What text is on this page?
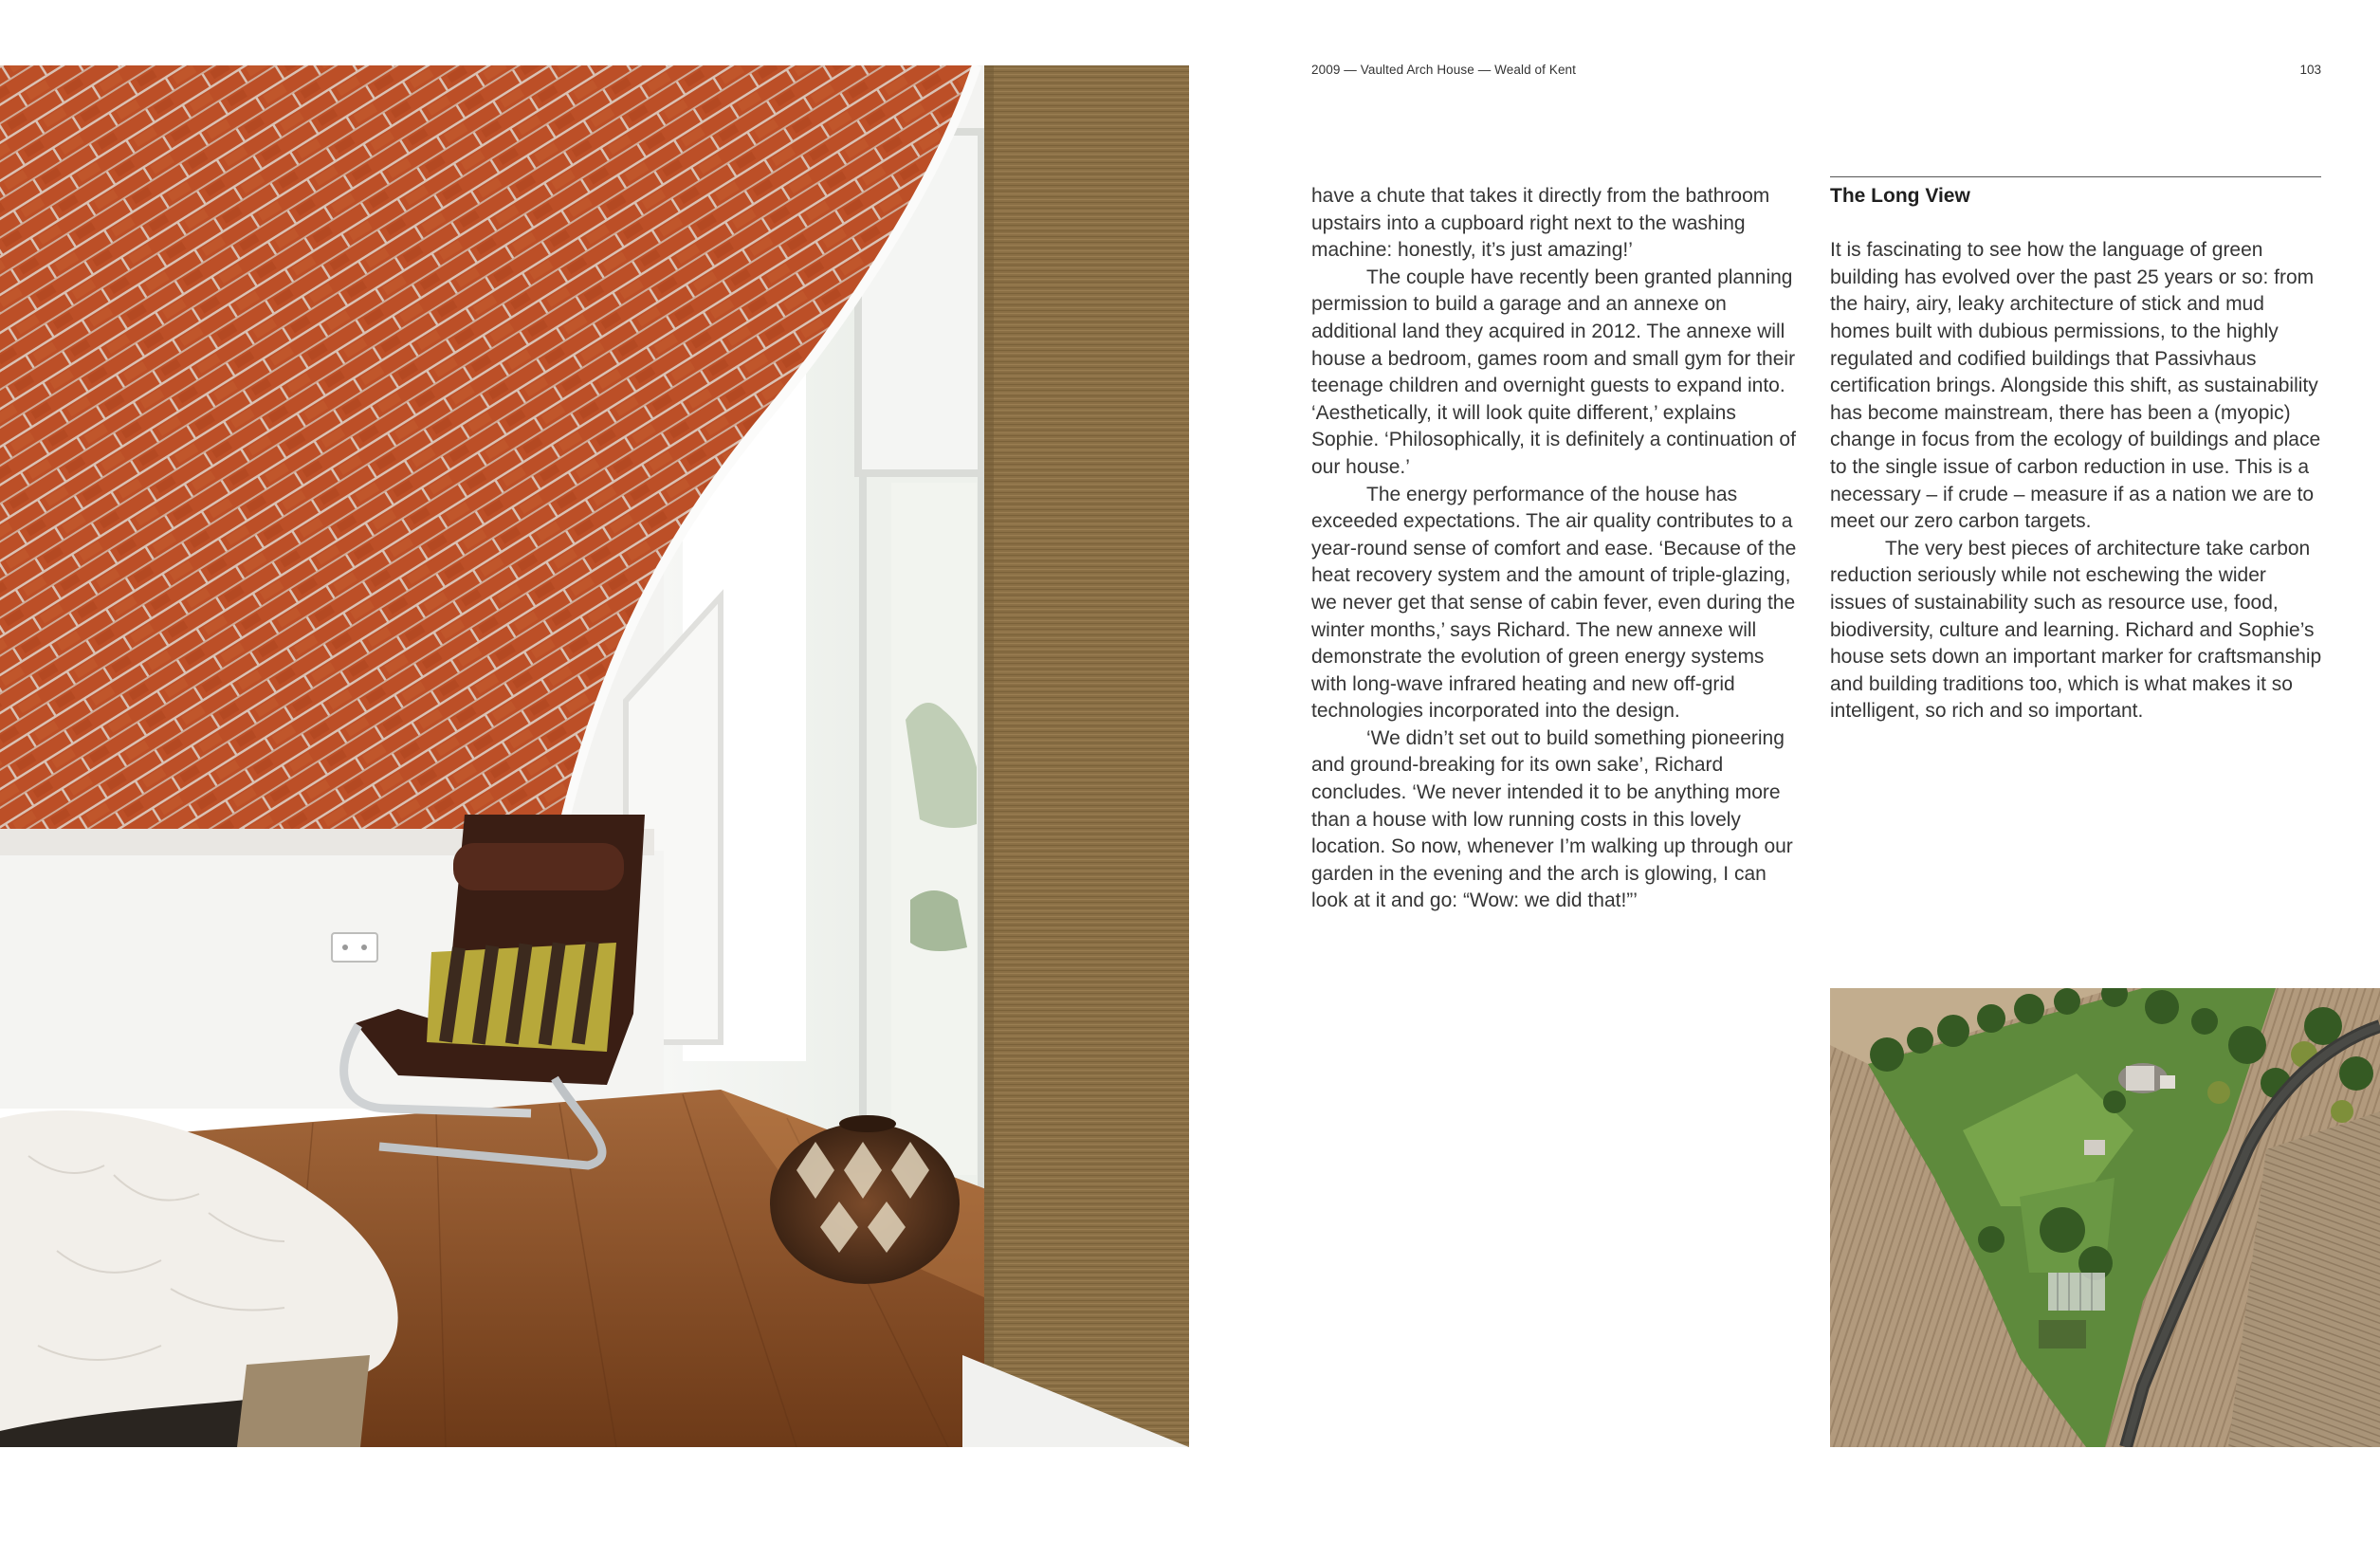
2009 — Vaulted Arch House — Weald of Kent	103

have a chute that takes it directly from the bathroom upstairs into a cupboard right next to the washing machine: honestly, it’s just amazing!’

The couple have recently been granted planning permission to build a garage and an annexe on additional land they acquired in 2012. The annexe will house a bedroom, games room and small gym for their teenage children and overnight guests to expand into. ‘Aesthetically, it will look quite different,’ explains Sophie. ‘Philosophically, it is definitely a continuation of our house.’

The energy performance of the house has exceeded expectations. The air quality contributes to a year-round sense of comfort and ease. ‘Because of the heat recovery system and the amount of triple-glazing, we never get that sense of cabin fever, even during the winter months,’ says Richard. The new annexe will demonstrate the evolution of green energy systems with long-wave infrared heating and new off-grid technologies incorporated into the design.

‘We didn’t set out to build something pioneering and ground-breaking for its own sake’, Richard concludes. ‘We never intended it to be anything more than a house with low running costs in this lovely location. So now, whenever I’m walking up through our garden in the evening and the arch is glowing, I can look at it and go: “Wow: we did that!”’

The Long View

It is fascinating to see how the language of green building has evolved over the past 25 years or so: from the hairy, airy, leaky architecture of stick and mud homes built with dubious permissions, to the highly regulated and codified buildings that Passivhaus certification brings. Alongside this shift, as sustainability has become mainstream, there has been a (myopic) change in focus from the ecology of buildings and place to the single issue of carbon reduction in use. This is a necessary – if crude – measure if as a nation we are to meet our zero carbon targets.

The very best pieces of architecture take carbon reduction seriously while not eschewing the wider issues of sustainability such as resource use, food, biodiversity, culture and learning. Richard and Sophie’s house sets down an important marker for craftsmanship and building traditions too, which is what makes it so intelligent, so rich and so important.
